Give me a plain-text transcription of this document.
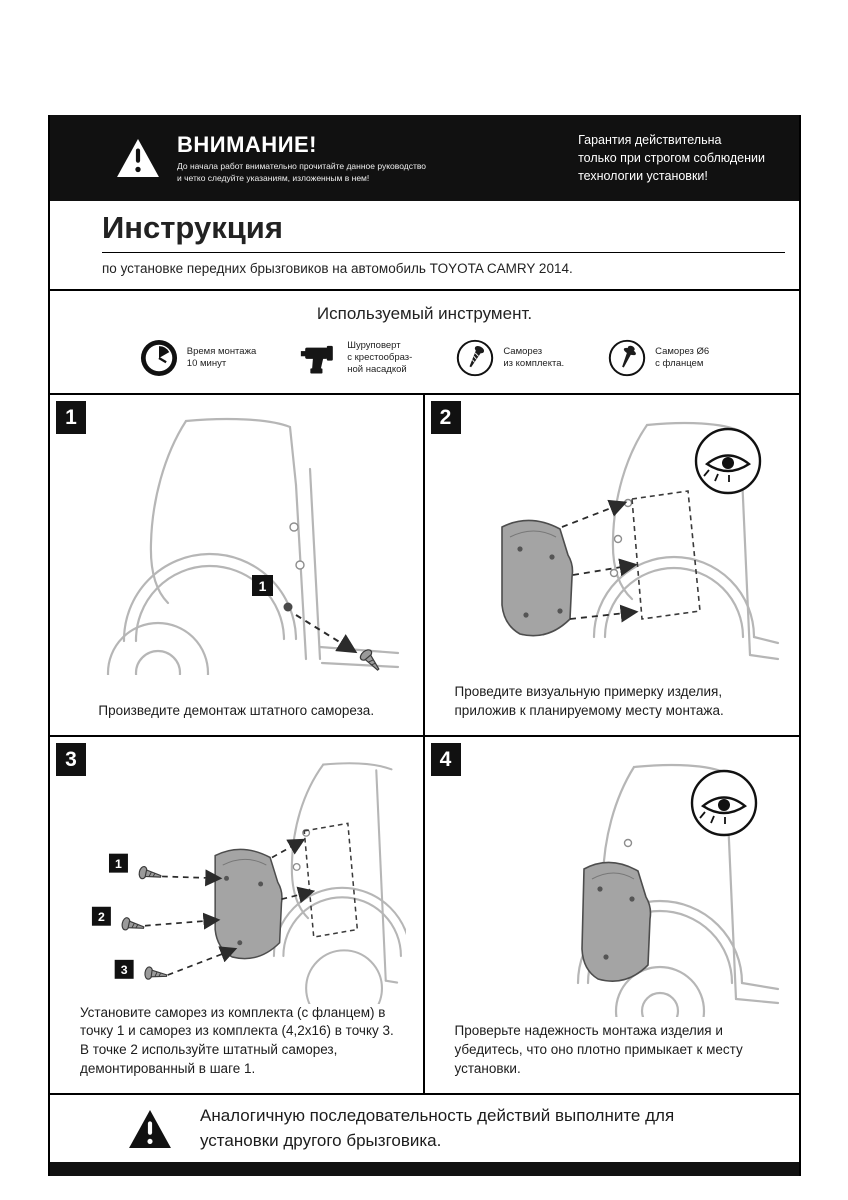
ВНИМАНИЕ!
До начала работ внимательно прочитайте данное руководство
и четко следуйте указаниям, изложенным в нем!
Гарантия действительна
только при строгом соблюдении
технологии установки!
Инструкция

по установке передних брызговиков на автомобиль TOYOTA CAMRY 2014.

Используемый инструмент.
Время монтажа
10 минут
Шуруповерт
с крестообраз-
ной насадкой
Саморез
из комплекта.
Саморез Ø6
с фланцем
1
1

Произведите демонтаж штатного самореза.

2

Проведите визуальную примерку изделия, приложив к планируемому месту монтажа.

3
1
2
3

Установите саморез из комплекта (с фланцем) в точку 1 и саморез из комплекта (4,2x16) в точку 3. В точке 2 используйте штатный саморез, демонтированный в шаге 1.

4

Проверьте надежность монтажа изделия и убедитесь, что оно плотно примыкает к месту установки.

Аналогичную последовательность действий выполните для установки другого брызговика.
